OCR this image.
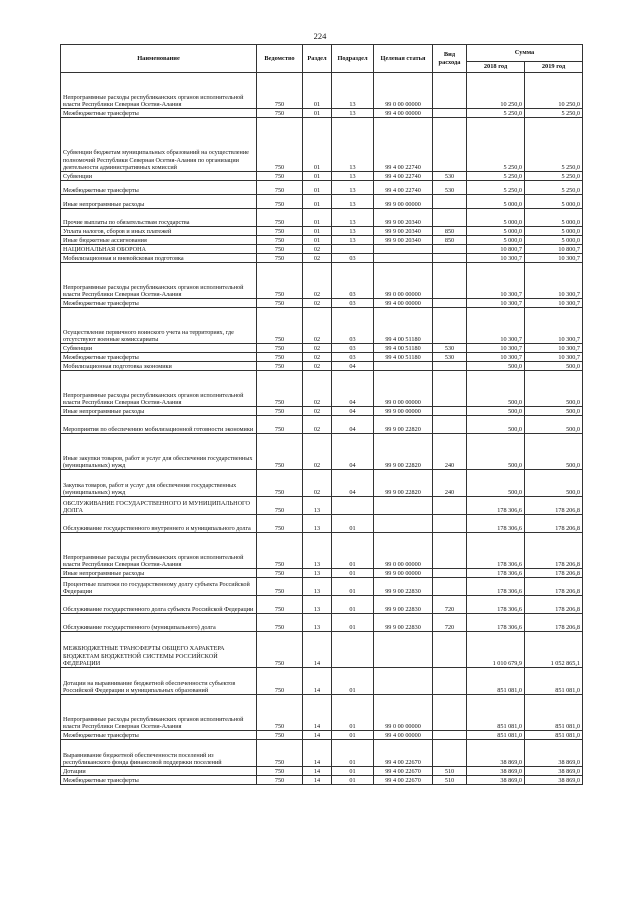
224
Наименование	Ведомство	Раздел	Подраздел	Целевая статья	Вид расхода	Сумма	
						2018 год	2019 год
Непрограммные расходы республиканских органов исполнительной власти Республики Северная Осетия-Алания	750	01	13	99 0 00 00000		10 250,0	10 250,0
Межбюджетные трансферты	750	01	13	99 4 00 00000		5 250,0	5 250,0
Субвенции бюджетам муниципальных образований на осуществление полномочий Республики Северная Осетия-Алания по организации деятельности административных комиссий	750	01	13	99 4 00 22740		5 250,0	5 250,0
Субвенции	750	01	13	99 4 00 22740	530	5 250,0	5 250,0
Межбюджетные трансферты	750	01	13	99 4 00 22740	530	5 250,0	5 250,0
Иные непрограммные расходы	750	01	13	99 9 00 00000		5 000,0	5 000,0
Прочие выплаты по обязательствам государства	750	01	13	99 9 00 20340		5 000,0	5 000,0
Уплата налогов, сборов и иных платежей	750	01	13	99 9 00 20340	850	5 000,0	5 000,0
Иные бюджетные ассигнования	750	01	13	99 9 00 20340	850	5 000,0	5 000,0
НАЦИОНАЛЬНАЯ ОБОРОНА	750	02				10 800,7	10 800,7
Мобилизационная и вневойсковая подготовка	750	02	03			10 300,7	10 300,7
Непрограммные расходы республиканских органов исполнительной власти Республики Северная Осетия-Алания	750	02	03	99 0 00 00000		10 300,7	10 300,7
Межбюджетные трансферты	750	02	03	99 4 00 00000		10 300,7	10 300,7
Осуществление первичного воинского учета на территориях, где отсутствуют военные комиссариаты	750	02	03	99 4 00 51180		10 300,7	10 300,7
Субвенции	750	02	03	99 4 00 51180	530	10 300,7	10 300,7
Межбюджетные трансферты	750	02	03	99 4 00 51180	530	10 300,7	10 300,7
Мобилизационная подготовка экономики	750	02	04			500,0	500,0
Непрограммные расходы республиканских органов исполнительной власти Республики Северная Осетия-Алания	750	02	04	99 0 00 00000		500,0	500,0
Иные непрограммные расходы	750	02	04	99 9 00 00000		500,0	500,0
Мероприятия по обеспечению мобилизационной готовности экономики	750	02	04	99 9 00 22820		500,0	500,0
Иные закупки товаров, работ и услуг для обеспечения государственных (муниципальных) нужд	750	02	04	99 9 00 22820	240	500,0	500,0
Закупка товаров, работ и услуг для обеспечения государственных (муниципальных) нужд	750	02	04	99 9 00 22820	240	500,0	500,0
ОБСЛУЖИВАНИЕ ГОСУДАРСТВЕННОГО И МУНИЦИПАЛЬНОГО ДОЛГА	750	13				178 306,6	178 206,8
Обслуживание государственного внутреннего и муниципального долга	750	13	01			178 306,6	178 206,8
Непрограммные расходы республиканских органов исполнительной власти Республики Северная Осетия-Алания	750	13	01	99 0 00 00000		178 306,6	178 206,8
Иные непрограммные расходы	750	13	01	99 9 00 00000		178 306,6	178 206,8
Процентные платежи по государственному долгу субъекта Российской Федерации	750	13	01	99 9 00 22830		178 306,6	178 206,8
Обслуживание государственного долга субъекта Российской Федерации	750	13	01	99 9 00 22830	720	178 306,6	178 206,8
Обслуживание государственного (муниципального) долга	750	13	01	99 9 00 22830	720	178 306,6	178 206,8
МЕЖБЮДЖЕТНЫЕ ТРАНСФЕРТЫ ОБЩЕГО ХАРАКТЕРА БЮДЖЕТАМ БЮДЖЕТНОЙ СИСТЕМЫ РОССИЙСКОЙ ФЕДЕРАЦИИ	750	14				1 010 679,9	1 052 865,1
Дотации на выравнивание бюджетной обеспеченности субъектов Российской Федерации и муниципальных образований	750	14	01			851 081,0	851 081,0
Непрограммные расходы республиканских органов исполнительной власти Республики Северная Осетия-Алания	750	14	01	99 0 00 00000		851 081,0	851 081,0
Межбюджетные трансферты	750	14	01	99 4 00 00000		851 081,0	851 081,0
Выравнивание бюджетной обеспеченности поселений из республиканского фонда финансовой поддержки поселений	750	14	01	99 4 00 22670		38 869,0	38 869,0
Дотации	750	14	01	99 4 00 22670	510	38 869,0	38 869,0
Межбюджетные трансферты	750	14	01	99 4 00 22670	510	38 869,0	38 869,0
